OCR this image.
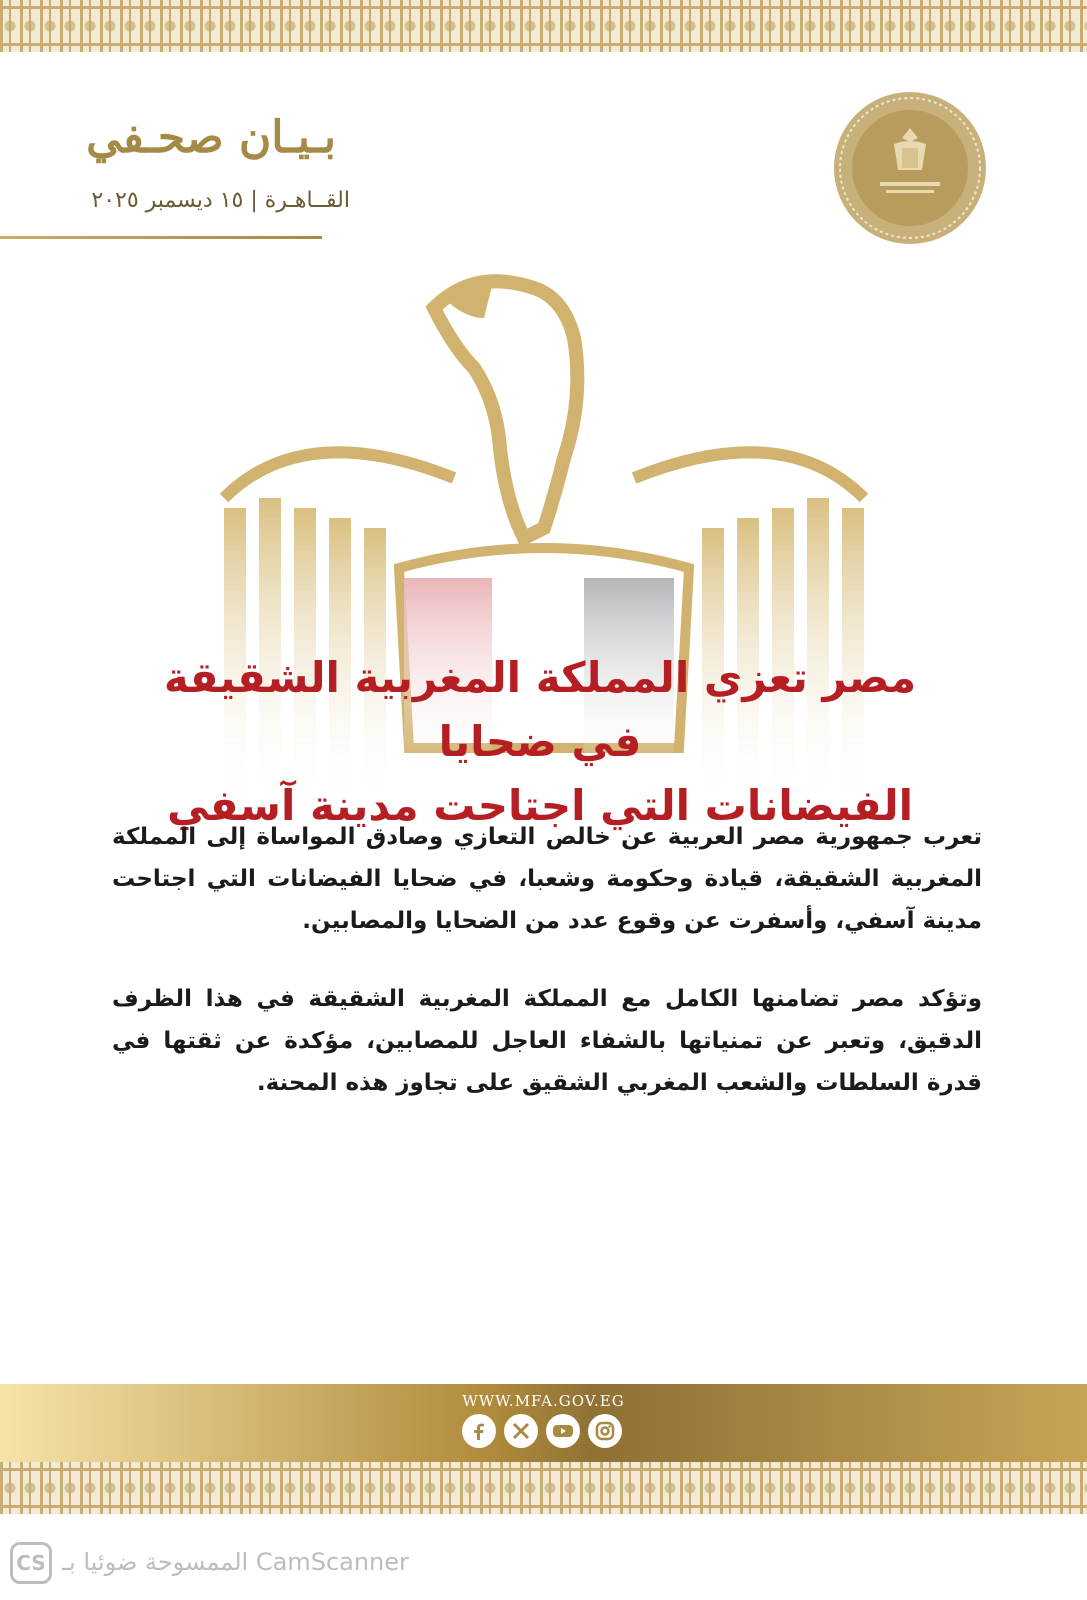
بـيـان صحـفي
القــاهـرة | ١٥ ديسمبر ٢٠٢٥
مصر تعزي المملكة المغربية الشقيقة في ضحايا
الفيضانات التي اجتاحت مدينة آسفي
تعرب جمهورية مصر العربية عن خالص التعازي وصادق المواساة إلى المملكة المغربية الشقيقة، قيادة وحكومة وشعبا، في ضحايا الفيضانات التي اجتاحت مدينة آسفي، وأسفرت عن وقوع عدد من الضحايا والمصابين.
وتؤكد مصر تضامنها الكامل مع المملكة المغربية الشقيقة في هذا الظرف الدقيق، وتعبر عن تمنياتها بالشفاء العاجل للمصابين، مؤكدة عن ثقتها في قدرة السلطات والشعب المغربي الشقيق على تجاوز هذه المحنة.
WWW.MFA.GOV.EG
CS الممسوحة ضوئيا بـ CamScanner
